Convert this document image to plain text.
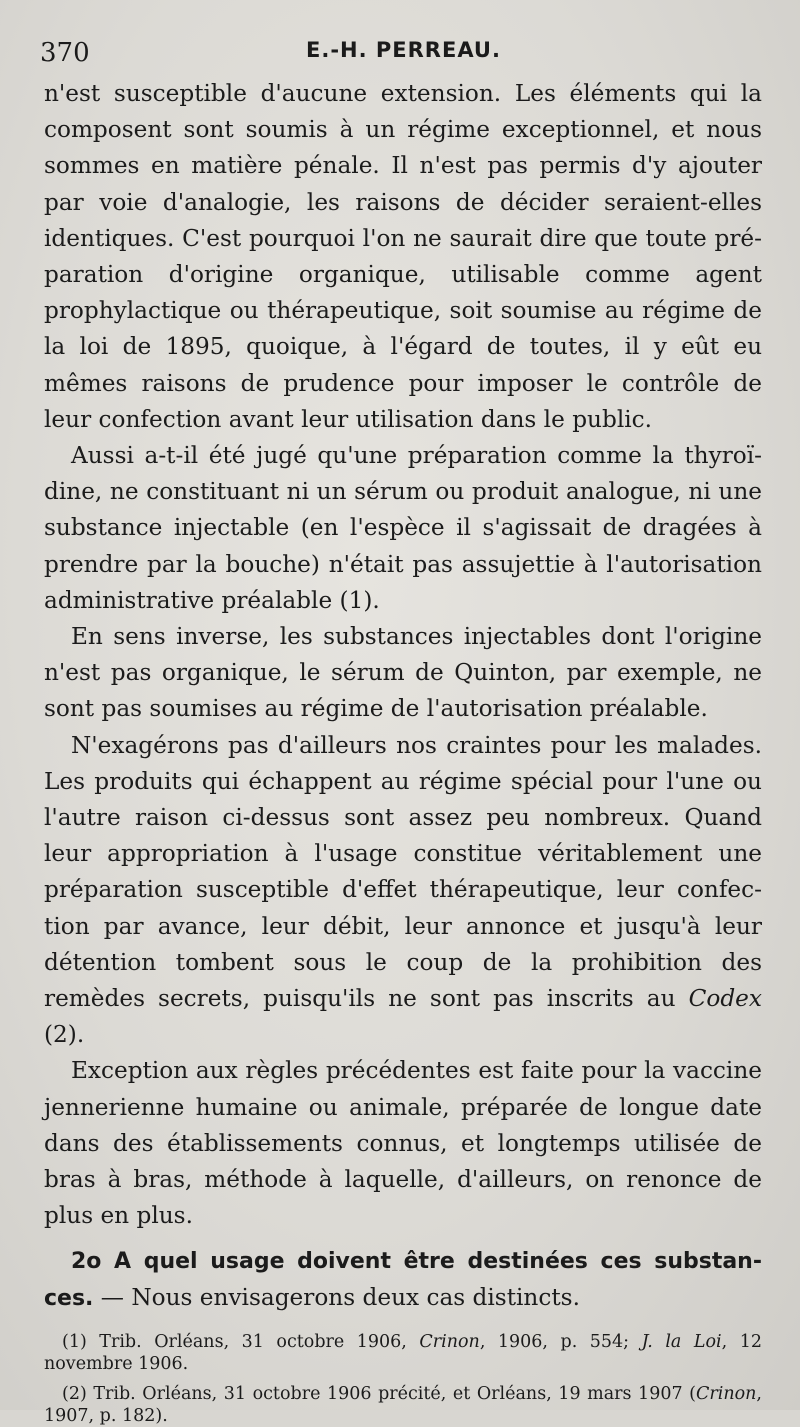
370	E.-H. PERREAU.

n'est susceptible d'aucune extension. Les éléments qui la composent sont soumis à un régime exceptionnel, et nous sommes en matière pénale. Il n'est pas permis d'y ajouter par voie d'analogie, les raisons de décider seraient-elles identiques. C'est pourquoi l'on ne saurait dire que toute préparation d'origine organique, utilisable comme agent prophylactique ou thérapeutique, soit soumise au régime de la loi de 1895, quoique, à l'égard de toutes, il y eût eu mêmes raisons de prudence pour imposer le contrôle de leur confection avant leur utilisation dans le public.

Aussi a-t-il été jugé qu'une préparation comme la thyroïdine, ne constituant ni un sérum ou produit analogue, ni une substance injectable (en l'espèce il s'agissait de dragées à prendre par la bouche) n'était pas assujettie à l'autorisation administrative préalable (1).

En sens inverse, les substances injectables dont l'origine n'est pas organique, le sérum de Quinton, par exemple, ne sont pas soumises au régime de l'autorisation préalable.

N'exagérons pas d'ailleurs nos craintes pour les malades. Les produits qui échappent au régime spécial pour l'une ou l'autre raison ci-dessus sont assez peu nombreux. Quand leur appropriation à l'usage constitue véritablement une préparation susceptible d'effet thérapeutique, leur confection par avance, leur débit, leur annonce et jusqu'à leur détention tombent sous le coup de la prohibition des remèdes secrets, puisqu'ils ne sont pas inscrits au Codex (2).

Exception aux règles précédentes est faite pour la vaccine jennerienne humaine ou animale, préparée de longue date dans des établissements connus, et longtemps utilisée de bras à bras, méthode à laquelle, d'ailleurs, on renonce de plus en plus.

2o A quel usage doivent être destinées ces substances. — Nous envisagerons deux cas distincts.

(1) Trib. Orléans, 31 octobre 1906, Crinon, 1906, p. 554; J. la Loi, 12 novembre 1906.

(2) Trib. Orléans, 31 octobre 1906 précité, et Orléans, 19 mars 1907 (Crinon, 1907, p. 182).
